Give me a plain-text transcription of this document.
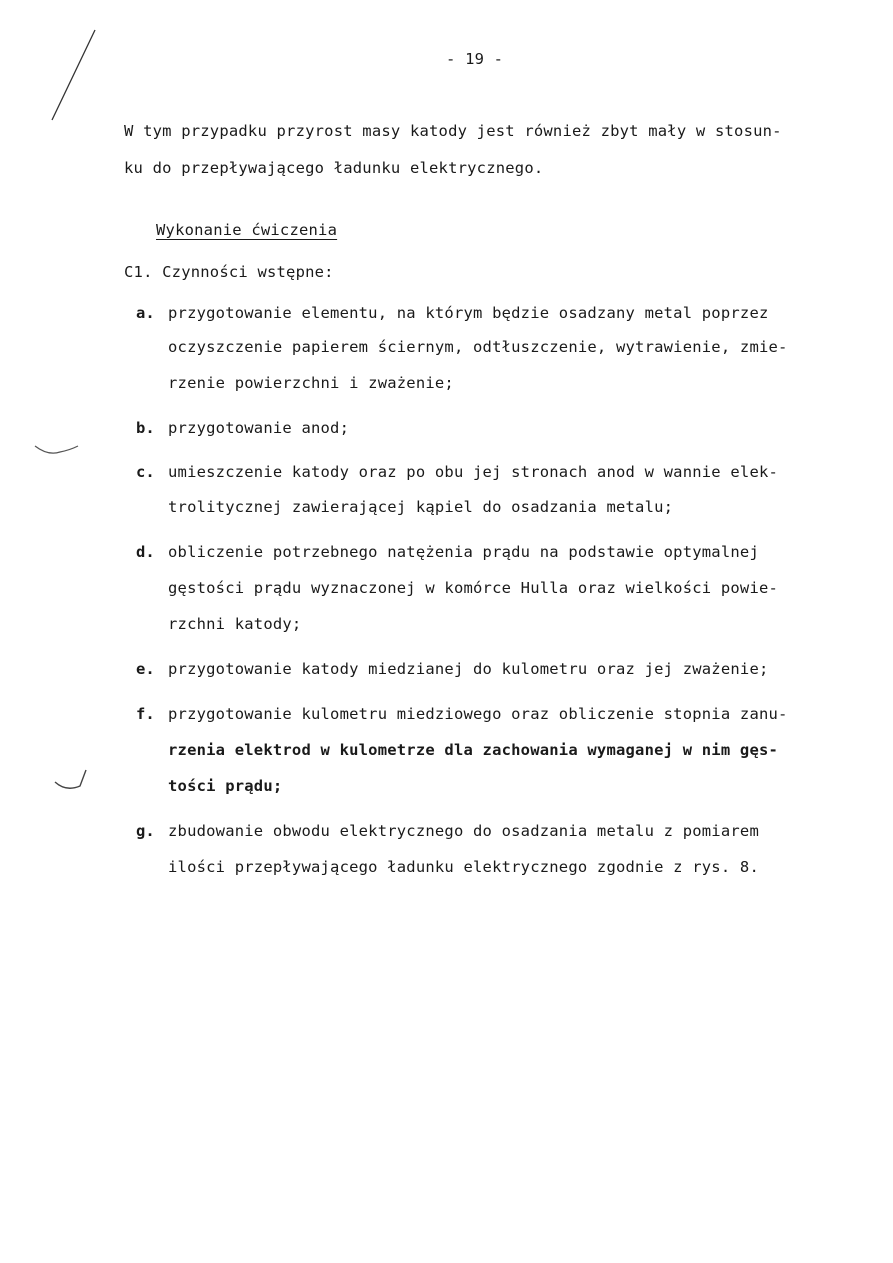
- 19 -
W tym przypadku przyrost masy katody jest również zbyt mały w stosun-
ku do przepływającego ładunku elektrycznego.
Wykonanie ćwiczenia
C1. Czynności wstępne:
a. przygotowanie elementu, na którym będzie osadzany metal poprzez
oczyszczenie papierem ściernym, odtłuszczenie, wytrawienie, zmie-
rzenie powierzchni i zważenie;
b. przygotowanie anod;
c. umieszczenie katody oraz po obu jej stronach anod w wannie elek-
trolitycznej zawierającej kąpiel do osadzania metalu;
d. obliczenie potrzebnego natężenia prądu na podstawie optymalnej
gęstości prądu wyznaczonej w komórce Hulla oraz wielkości powie-
rzchni katody;
e. przygotowanie katody miedzianej do kulometru oraz jej zważenie;
f. przygotowanie kulometru miedziowego oraz obliczenie stopnia zanu-
rzenia elektrod w kulometrze dla zachowania wymaganej w nim gęs-
tości prądu;
g. zbudowanie obwodu elektrycznego do osadzania metalu z pomiarem
ilości przepływającego ładunku elektrycznego zgodnie z rys. 8.
